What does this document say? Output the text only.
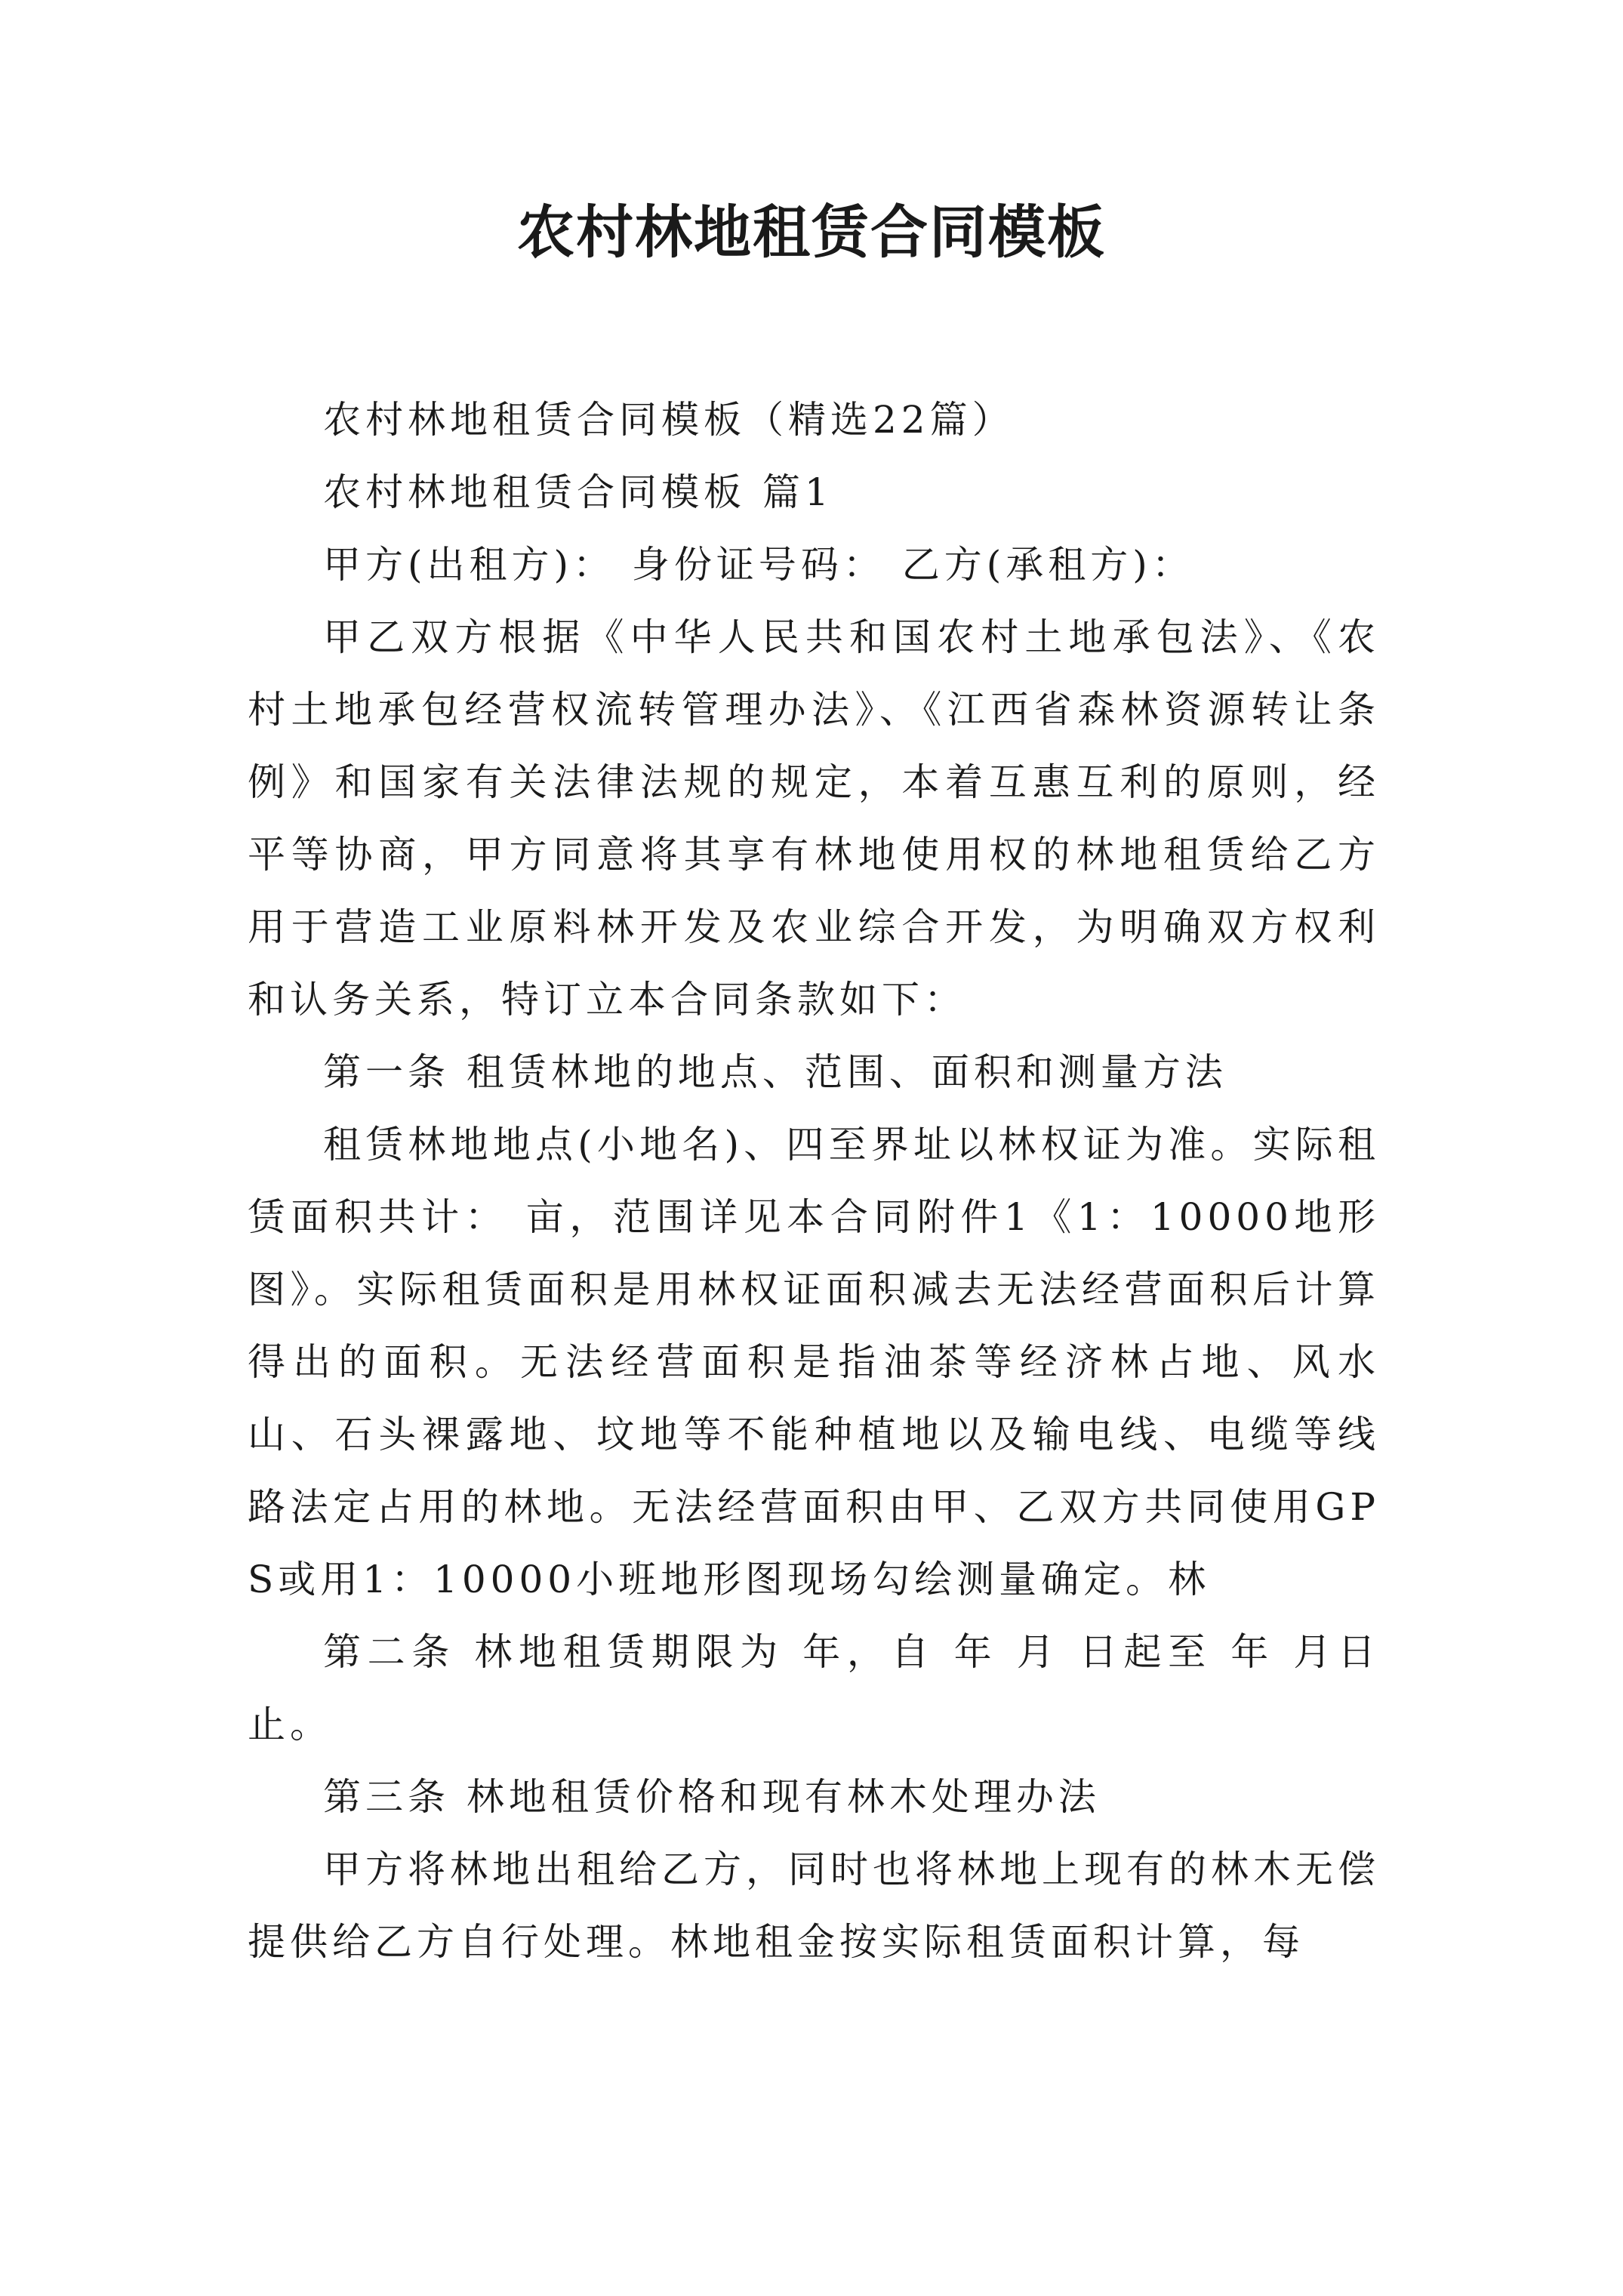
农村林地租赁合同模板

农村林地租赁合同模板（精选22篇）

农村林地租赁合同模板 篇1

甲方(出租方)： 身份证号码： 乙方(承租方)：

甲乙双方根据《中华人民共和国农村土地承包法》、《农村土地承包经营权流转管理办法》、《江西省森林资源转让条例》和国家有关法律法规的规定，本着互惠互利的原则，经平等协商，甲方同意将其享有林地使用权的林地租赁给乙方用于营造工业原料林开发及农业综合开发，为明确双方权利和认务关系，特订立本合同条款如下：

第一条 租赁林地的地点、范围、面积和测量方法

租赁林地地点(小地名)、四至界址以林权证为准。实际租赁面积共计： 亩，范围详见本合同附件1《1：10000地形图》。实际租赁面积是用林权证面积减去无法经营面积后计算得出的面积。无法经营面积是指油茶等经济林占地、风水山、石头裸露地、坟地等不能种植地以及输电线、电缆等线路法定占用的林地。无法经营面积由甲、乙双方共同使用GPS或用1：10000小班地形图现场勾绘测量确定。林

第二条 林地租赁期限为 年，自 年 月 日起至 年 月日止。

第三条 林地租赁价格和现有林木处理办法

甲方将林地出租给乙方，同时也将林地上现有的林木无偿提供给乙方自行处理。林地租金按实际租赁面积计算，每
